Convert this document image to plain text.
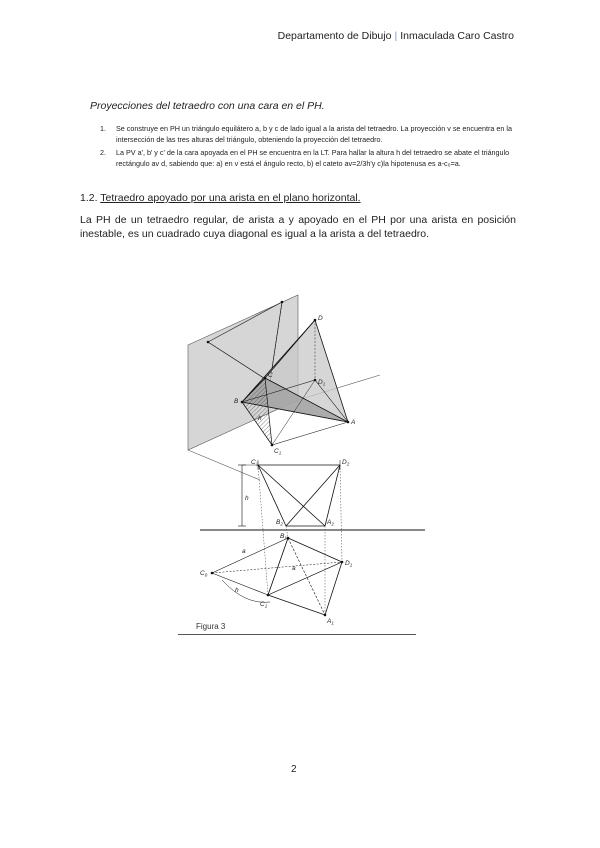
Departamento de Dibujo | Inmaculada Caro Castro
Proyecciones del tetraedro con una cara en el PH.
1. Se construye en PH un triángulo equilátero a, b y c de lado igual a la arista del tetraedro. La proyección v se encuentra en la intersección de las tres alturas del triángulo, obteniendo la proyección del tetraedro.
2. La PV a', b' y c' de la cara apoyada en el PH se encuentra en la LT. Para hallar la altura h del tetraedro se abate el triángulo rectángulo av d, sabiendo que: a) en v está el ángulo recto, b) el cateto av=2/3h'y c)la hipotenusa es a-c₀=a.
1.2. Tetraedro apoyado por una arista en el plano horizontal.
La PH de un tetraedro regular, de arista a y apoyado en el PH por una arista en posición inestable, es un cuadrado cuya diagonal es igual a la arista a del tetraedro.
D
$D_1$
B
C
A
h
$C_1$
h
$C_2$	$D_2$
$B_2$	$A_2$
$B_1$
a
a
$C_0$
h
$C_1$
$D_1$
$A_1$
Figura 3
2
